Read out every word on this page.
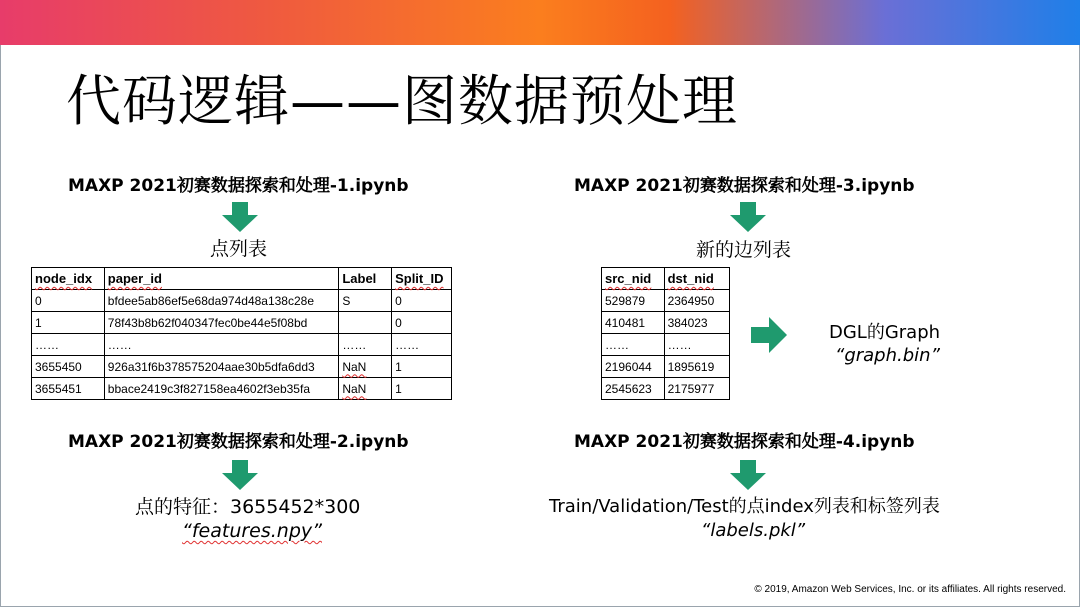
代码逻辑——图数据预处理
MAXP 2021初赛数据探索和处理-1.ipynb
点列表
node_idx	paper_id	Label	Split_ID
0	bfdee5ab86ef5e68da974d48a138c28e	S	0
1	78f43b8b62f040347fec0be44e5f08bd		0
……	……	……	……
3655450	926a31f6b378575204aae30b5dfa6dd3	NaN	1
3655451	bbace2419c3f827158ea4602f3eb35fa	NaN	1
MAXP 2021初赛数据探索和处理-2.ipynb
点的特征：3655452*300
“features.npy”
MAXP 2021初赛数据探索和处理-3.ipynb
新的边列表
src_nid	dst_nid
529879	2364950
410481	384023
……	……
2196044	1895619
2545623	2175977
DGL的Graph
“graph.bin”
MAXP 2021初赛数据探索和处理-4.ipynb
Train/Validation/Test的点index列表和标签列表
“labels.pkl”
© 2019, Amazon Web Services, Inc. or its affiliates. All rights reserved.
